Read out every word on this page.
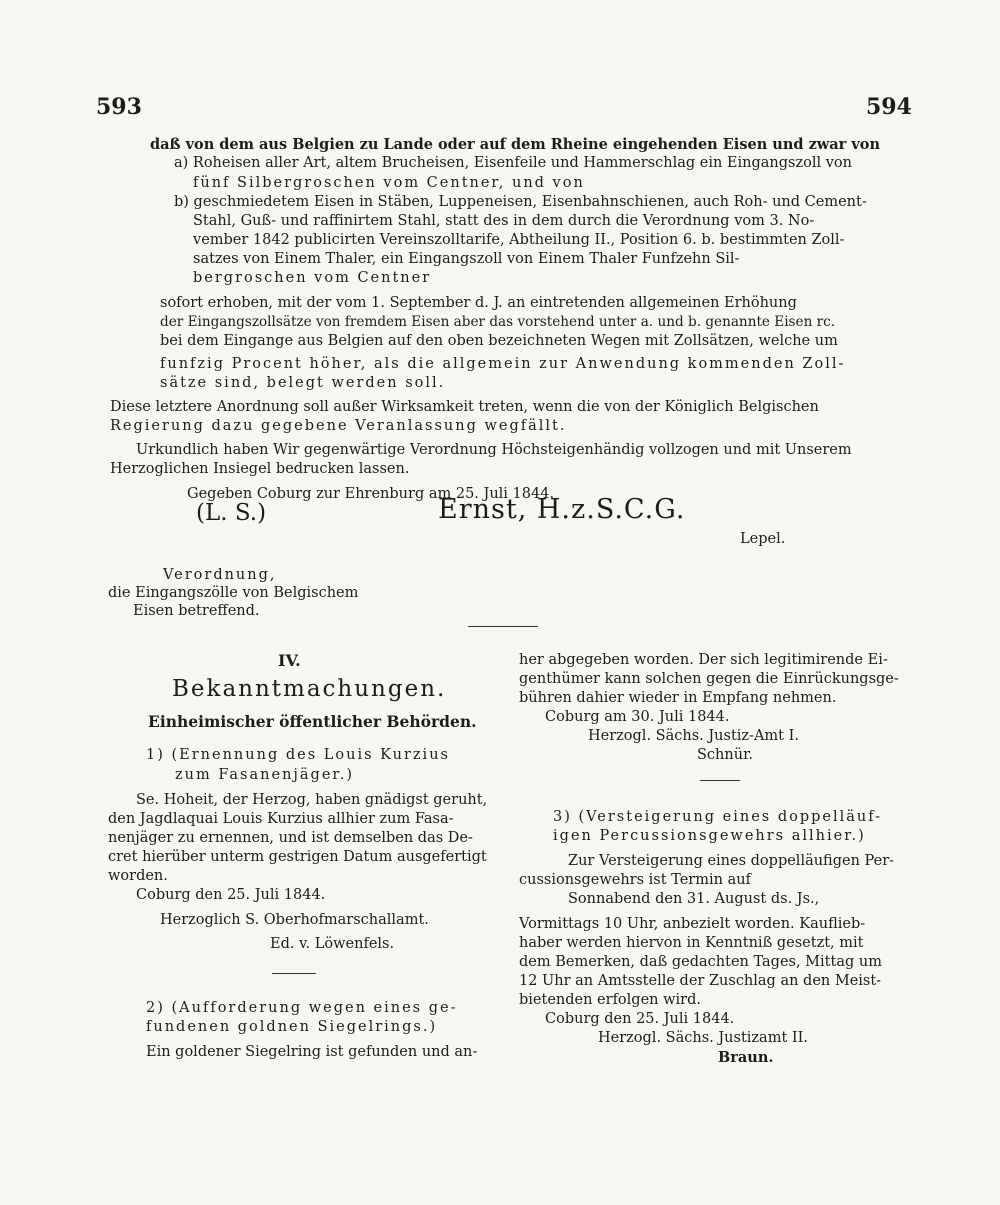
593	594
daß von dem aus Belgien zu Lande oder auf dem Rheine eingehenden Eisen und zwar von
a) Roheisen aller Art, altem Brucheisen, Eisenfeile und Hammerschlag ein Eingangszoll von
fünf Silbergroschen vom Centner, und von
b) geschmiedetem Eisen in Stäben, Luppeneisen, Eisenbahnschienen, auch Roh- und Cement-
Stahl, Guß- und raffinirtem Stahl, statt des in dem durch die Verordnung vom 3. No-
vember 1842 publicirten Vereinszolltarife, Abtheilung II., Position 6. b. bestimmten Zoll-
satzes von Einem Thaler, ein Eingangszoll von Einem Thaler Funfzehn Sil-
bergroschen vom Centner
sofort erhoben, mit der vom 1. September d. J. an eintretenden allgemeinen Erhöhung
der Eingangszollsätze von fremdem Eisen aber das vorstehend unter a. und b. genannte Eisen rc.
bei dem Eingange aus Belgien auf den oben bezeichneten Wegen mit Zollsätzen, welche um
funfzig Procent höher, als die allgemein zur Anwendung kommenden Zoll-
sätze sind, belegt werden soll.
Diese letztere Anordnung soll außer Wirksamkeit treten, wenn die von der Königlich Belgischen
Regierung dazu gegebene Veranlassung wegfällt.
Urkundlich haben Wir gegenwärtige Verordnung Höchsteigenhändig vollzogen und mit Unserem
Herzoglichen Insiegel bedrucken lassen.
Gegeben Coburg zur Ehrenburg am 25. Juli 1844.
(L. S.)	Ernst, H.z.S.C.G.
Lepel.
Verordnung,
die Eingangszölle von Belgischem
Eisen betreffend.
IV.
Bekanntmachungen.
Einheimischer öffentlicher Behörden.
1) (Ernennung des Louis Kurzius
zum Fasanenjäger.)
Se. Hoheit, der Herzog, haben gnädigst geruht,
den Jagdlaquai Louis Kurzius allhier zum Fasa-
nenjäger zu ernennen, und ist demselben das De-
cret hierüber unterm gestrigen Datum ausgefertigt
worden.
Coburg den 25. Juli 1844.
Herzoglich S. Oberhofmarschallamt.
Ed. v. Löwenfels.
2) (Aufforderung wegen eines ge-
fundenen goldnen Siegelrings.)
Ein goldener Siegelring ist gefunden und an-
her abgegeben worden. Der sich legitimirende Ei-
genthümer kann solchen gegen die Einrückungsge-
bühren dahier wieder in Empfang nehmen.
Coburg am 30. Juli 1844.
Herzogl. Sächs. Justiz-Amt I.
Schnür.
3) (Versteigerung eines doppelläuf-
igen Percussionsgewehrs allhier.)
Zur Versteigerung eines doppelläufigen Per-
cussionsgewehrs ist Termin auf
Sonnabend den 31. August ds. Js.,
Vormittags 10 Uhr, anbezielt worden. Kauflieb-
haber werden hiervon in Kenntniß gesetzt, mit
dem Bemerken, daß gedachten Tages, Mittag um
12 Uhr an Amtsstelle der Zuschlag an den Meist-
bietenden erfolgen wird.
Coburg den 25. Juli 1844.
Herzogl. Sächs. Justizamt II.
Braun.
